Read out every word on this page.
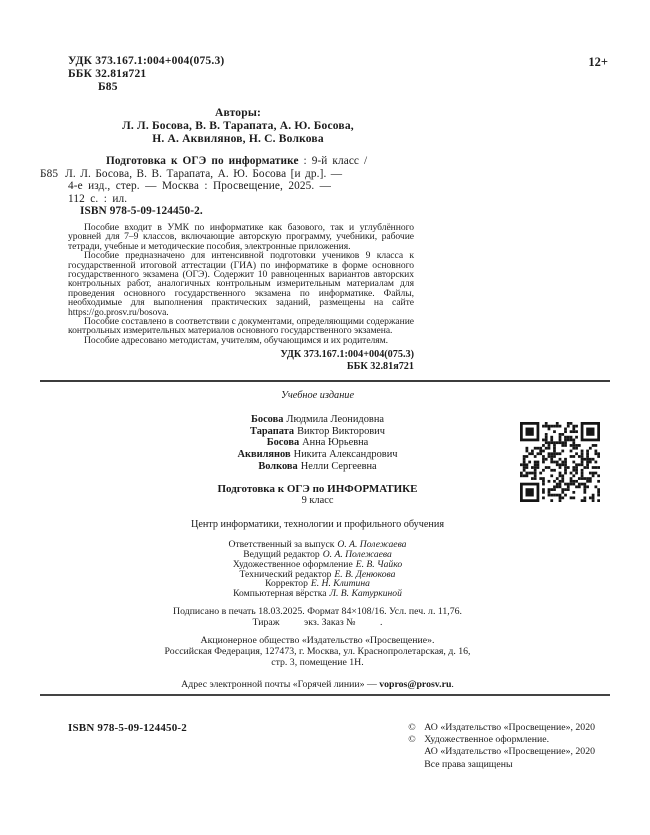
УДК 373.167.1:004+004(075.3)
ББК 32.81я721
Б85
12+
Авторы:
Л. Л. Босова, В. В. Тарапата, А. Ю. Босова,
Н. А. Аквилянов, Н. С. Волкова
Подготовка к ОГЭ по информатике : 9-й класс /
Б85 Л. Л. Босова, В. В. Тарапата, А. Ю. Босова [и др.]. —
4-е изд., стер. — Москва : Просвещение, 2025. —
112 с. : ил.
ISBN 978-5-09-124450-2.

Пособие входит в УМК по информатике как базового, так и углублённого уровней для 7–9 классов, включающие авторскую программу, учебники, рабочие тетради, учебные и методические пособия, электронные приложения.

Пособие предназначено для интенсивной подготовки учеников 9 класса к государственной итоговой аттестации (ГИА) по информатике в форме основного государственного экзамена (ОГЭ). Содержит 10 равноценных вариантов авторских контрольных работ, аналогичных контрольным измерительным материалам для проведения основного государственного экзамена по информатике. Файлы, необходимые для выполнения практических заданий, размещены на сайте https://go.prosv.ru/bosova.

Пособие составлено в соответствии с документами, определяющими содержание контрольных измерительных материалов основного государственного экзамена.

Пособие адресовано методистам, учителям, обучающимся и их родителям.

УДК 373.167.1:004+004(075.3)
ББК 32.81я721
Учебное издание
Босова Людмила Леонидовна
Тарапата Виктор Викторович
Босова Анна Юрьевна
Аквилянов Никита Александрович
Волкова Нелли Сергеевна
Подготовка к ОГЭ по ИНФОРМАТИКЕ
9 класс
Центр информатики, технологии и профильного обучения
Ответственный за выпуск О. А. Полежаева
Ведущий редактор О. А. Полежаева
Художественное оформление Е. В. Чайко
Технический редактор Е. В. Денюкова
Корректор Е. Н. Клитина
Компьютерная вёрстка Л. В. Катуркиной
Подписано в печать 18.03.2025. Формат 84×108/16. Усл. печ. л. 11,76.
Тираж          экз. Заказ №          .
Акционерное общество «Издательство «Просвещение».
Российская Федерация, 127473, г. Москва, ул. Краснопролетарская, д. 16,
стр. 3, помещение 1Н.
Адрес электронной почты «Горячей линии» — vopros@prosv.ru.
ISBN 978-5-09-124450-2	© АО «Издательство «Просвещение», 2020
© Художественное оформление.
АО «Издательство «Просвещение», 2020
Все права защищены
